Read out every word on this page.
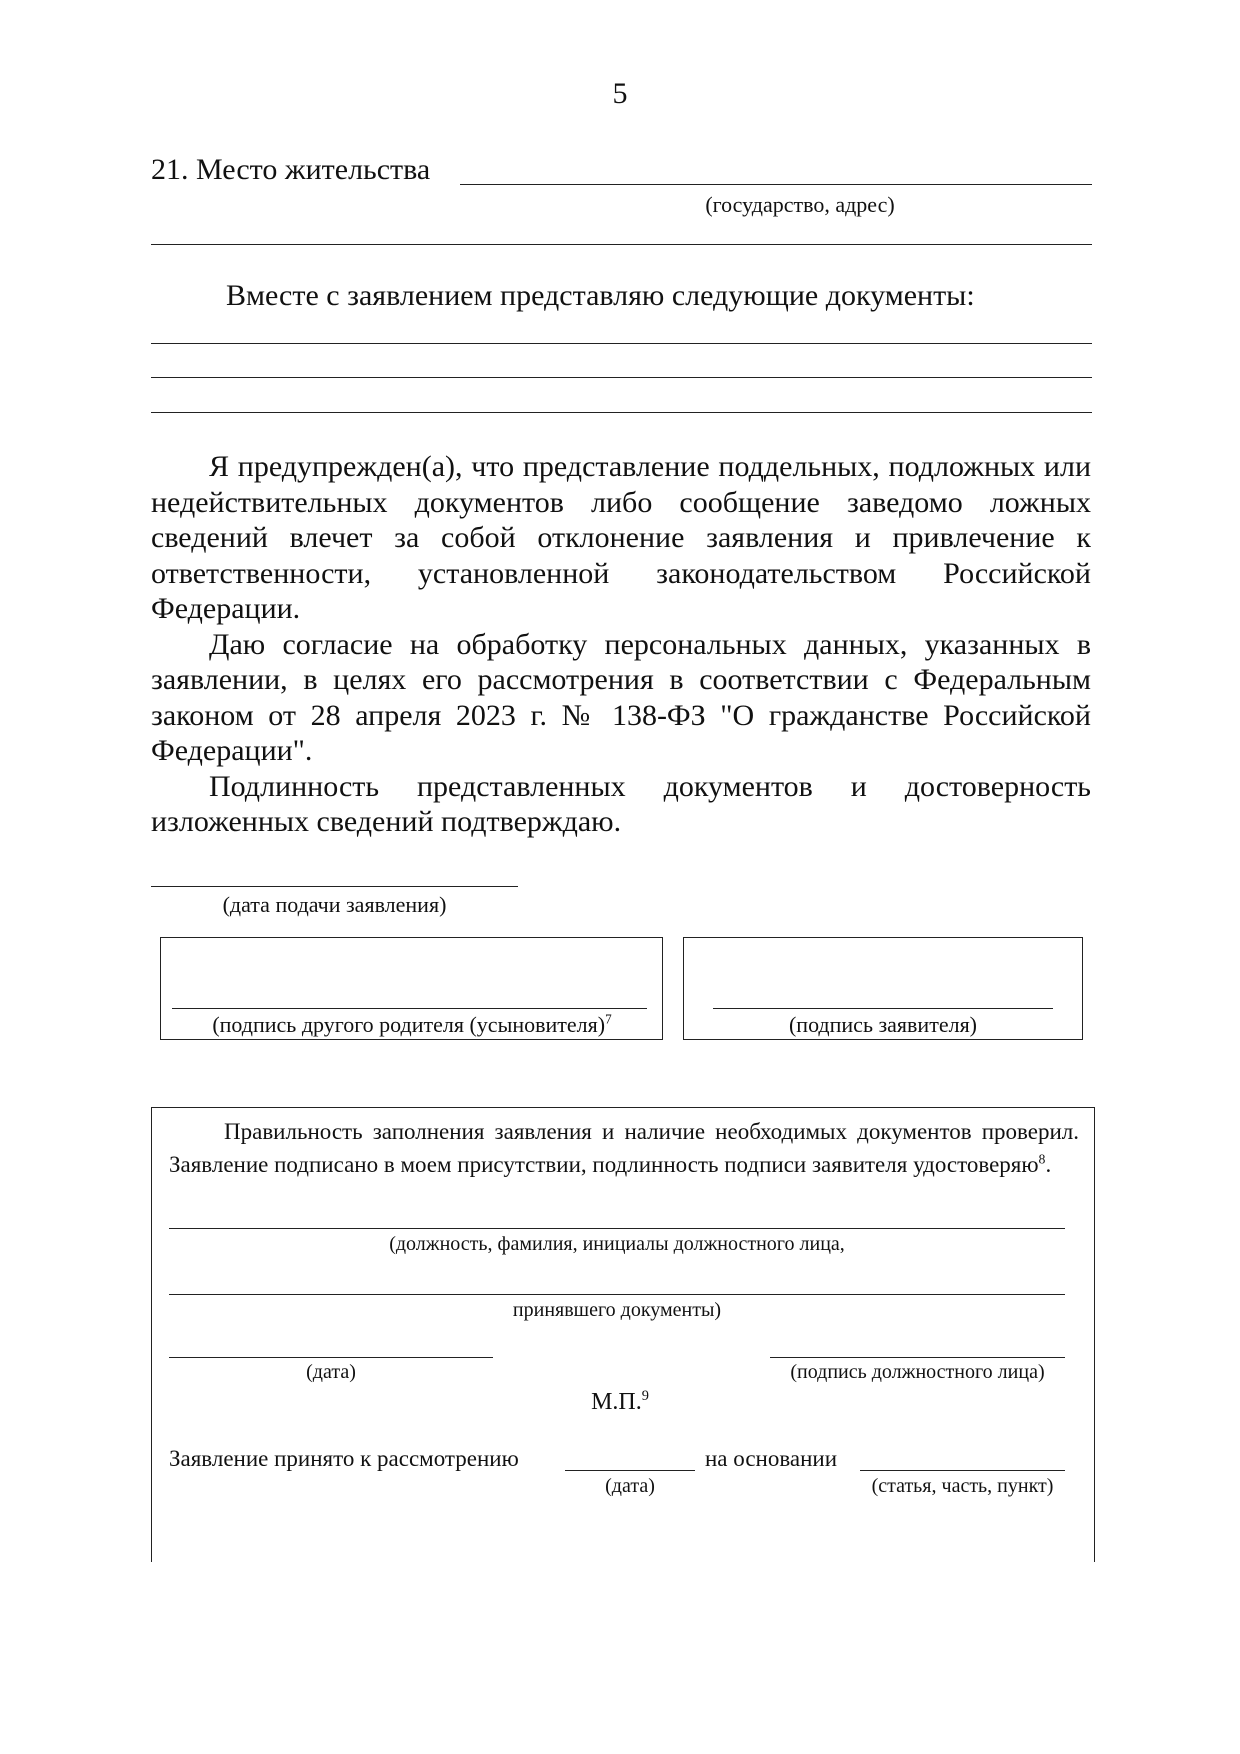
5
21. Место жительства
(государство, адрес)
Вместе с заявлением представляю следующие документы:

Я предупрежден(а), что представление поддельных, подложных или недействительных документов либо сообщение заведомо ложных сведений влечет за собой отклонение заявления и привлечение к ответственности, установленной законодательством Российской Федерации.

Даю согласие на обработку персональных данных, указанных в заявлении, в целях его рассмотрения в соответствии с Федеральным законом от 28 апреля 2023 г. № 138-ФЗ "О гражданстве Российской Федерации".

Подлинность представленных документов и достоверность изложенных сведений подтверждаю.

(дата подачи заявления)
(подпись другого родителя (усыновителя)$^7$	(подпись заявителя)

Правильность заполнения заявления и наличие необходимых документов проверил. Заявление подписано в моем присутствии, подлинность подписи заявителя удостоверяю$^8$.

(должность, фамилия, инициалы должностного лица,
принявшего документы)
(дата)	(подпись должностного лица)
М.П.$^9$
Заявление принято к рассмотрению
(дата)
на основании
(статья, часть, пункт)
